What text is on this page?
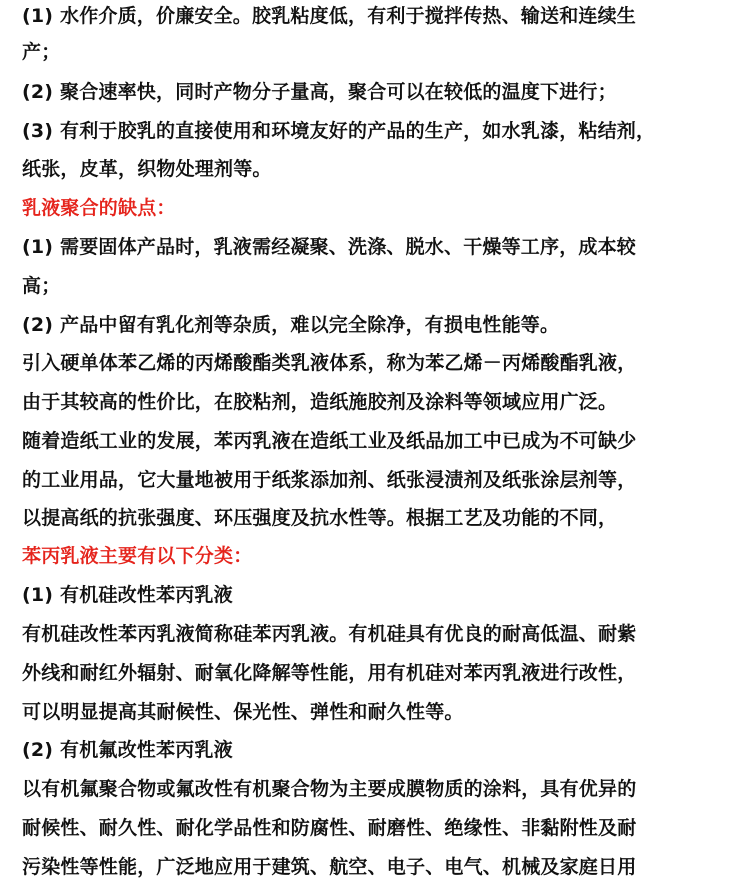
(1) 水作介质，价廉安全。胶乳粘度低，有利于搅拌传热、输送和连续生
产；
(2) 聚合速率快，同时产物分子量高，聚合可以在较低的温度下进行；
(3) 有利于胶乳的直接使用和环境友好的产品的生产，如水乳漆，粘结剂，
纸张，皮革，织物处理剂等。
乳液聚合的缺点：
(1) 需要固体产品时，乳液需经凝聚、洗涤、脱水、干燥等工序，成本较
高；
(2) 产品中留有乳化剂等杂质，难以完全除净，有损电性能等。
引入硬单体苯乙烯的丙烯酸酯类乳液体系，称为苯乙烯－丙烯酸酯乳液，
由于其较高的性价比，在胶粘剂，造纸施胶剂及涂料等领域应用广泛。
随着造纸工业的发展，苯丙乳液在造纸工业及纸品加工中已成为不可缺少
的工业用品，它大量地被用于纸浆添加剂、纸张浸渍剂及纸张涂层剂等，
以提高纸的抗张强度、环压强度及抗水性等。根据工艺及功能的不同，
苯丙乳液主要有以下分类：
(1) 有机硅改性苯丙乳液
有机硅改性苯丙乳液简称硅苯丙乳液。有机硅具有优良的耐高低温、耐紫
外线和耐红外辐射、耐氧化降解等性能，用有机硅对苯丙乳液进行改性，
可以明显提高其耐候性、保光性、弹性和耐久性等。
(2) 有机氟改性苯丙乳液
以有机氟聚合物或氟改性有机聚合物为主要成膜物质的涂料，具有优异的
耐候性、耐久性、耐化学品性和防腐性、耐磨性、绝缘性、非黏附性及耐
污染性等性能，广泛地应用于建筑、航空、电子、电气、机械及家庭日用
